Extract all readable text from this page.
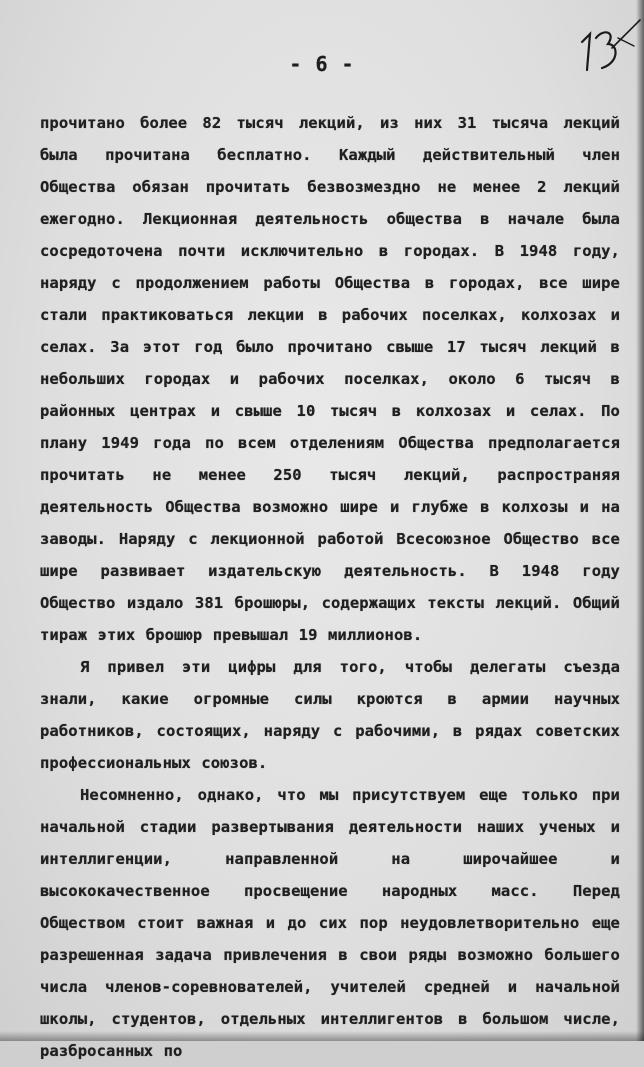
- 6 -

прочитано более 82 тысяч лекций, из них 31 тысяча лекций была прочитана бесплатно. Каждый действительный член Общества обязан прочитать безвозмездно не менее 2 лекций ежегодно. Лекционная деятельность общества в начале была сосредоточена почти исключительно в городах. В 1948 году, наряду с продолжением работы Общества в городах, все шире стали практиковаться лекции в рабочих поселках, колхозах и селах. За этот год было прочитано свыше 17 тысяч лекций в небольших городах и рабочих поселках, около 6 тысяч в районных центрах и свыше 10 тысяч в колхозах и селах. По плану 1949 года по всем отделениям Общества предполагается прочитать не менее 250 тысяч лекций, распространяя деятельность Общества возможно шире и глубже в колхозы и на заводы. Наряду с лекционной работой Всесоюзное Общество все шире развивает издательскую деятельность. В 1948 году Общество издало 381 брошюры, содержащих тексты лекций. Общий тираж этих брошюр превышал 19 миллионов.

Я привел эти цифры для того, чтобы делегаты съезда знали, какие огромные силы кроются в армии научных работников, состоящих, наряду с рабочими, в рядах советских профессиональных союзов.

Несомненно, однако, что мы присутствуем еще только при начальной стадии развертывания деятельности наших ученых и интеллигенции, направленной на широчайшее и высококачественное просвещение народных масс. Перед Обществом стоит важная и до сих пор неудовлетворительно еще разрешенная задача привлечения в свои ряды возможно большего числа членов-соревнователей, учителей средней и начальной школы, студентов, отдельных интеллигентов в большом числе, разбросанных по
